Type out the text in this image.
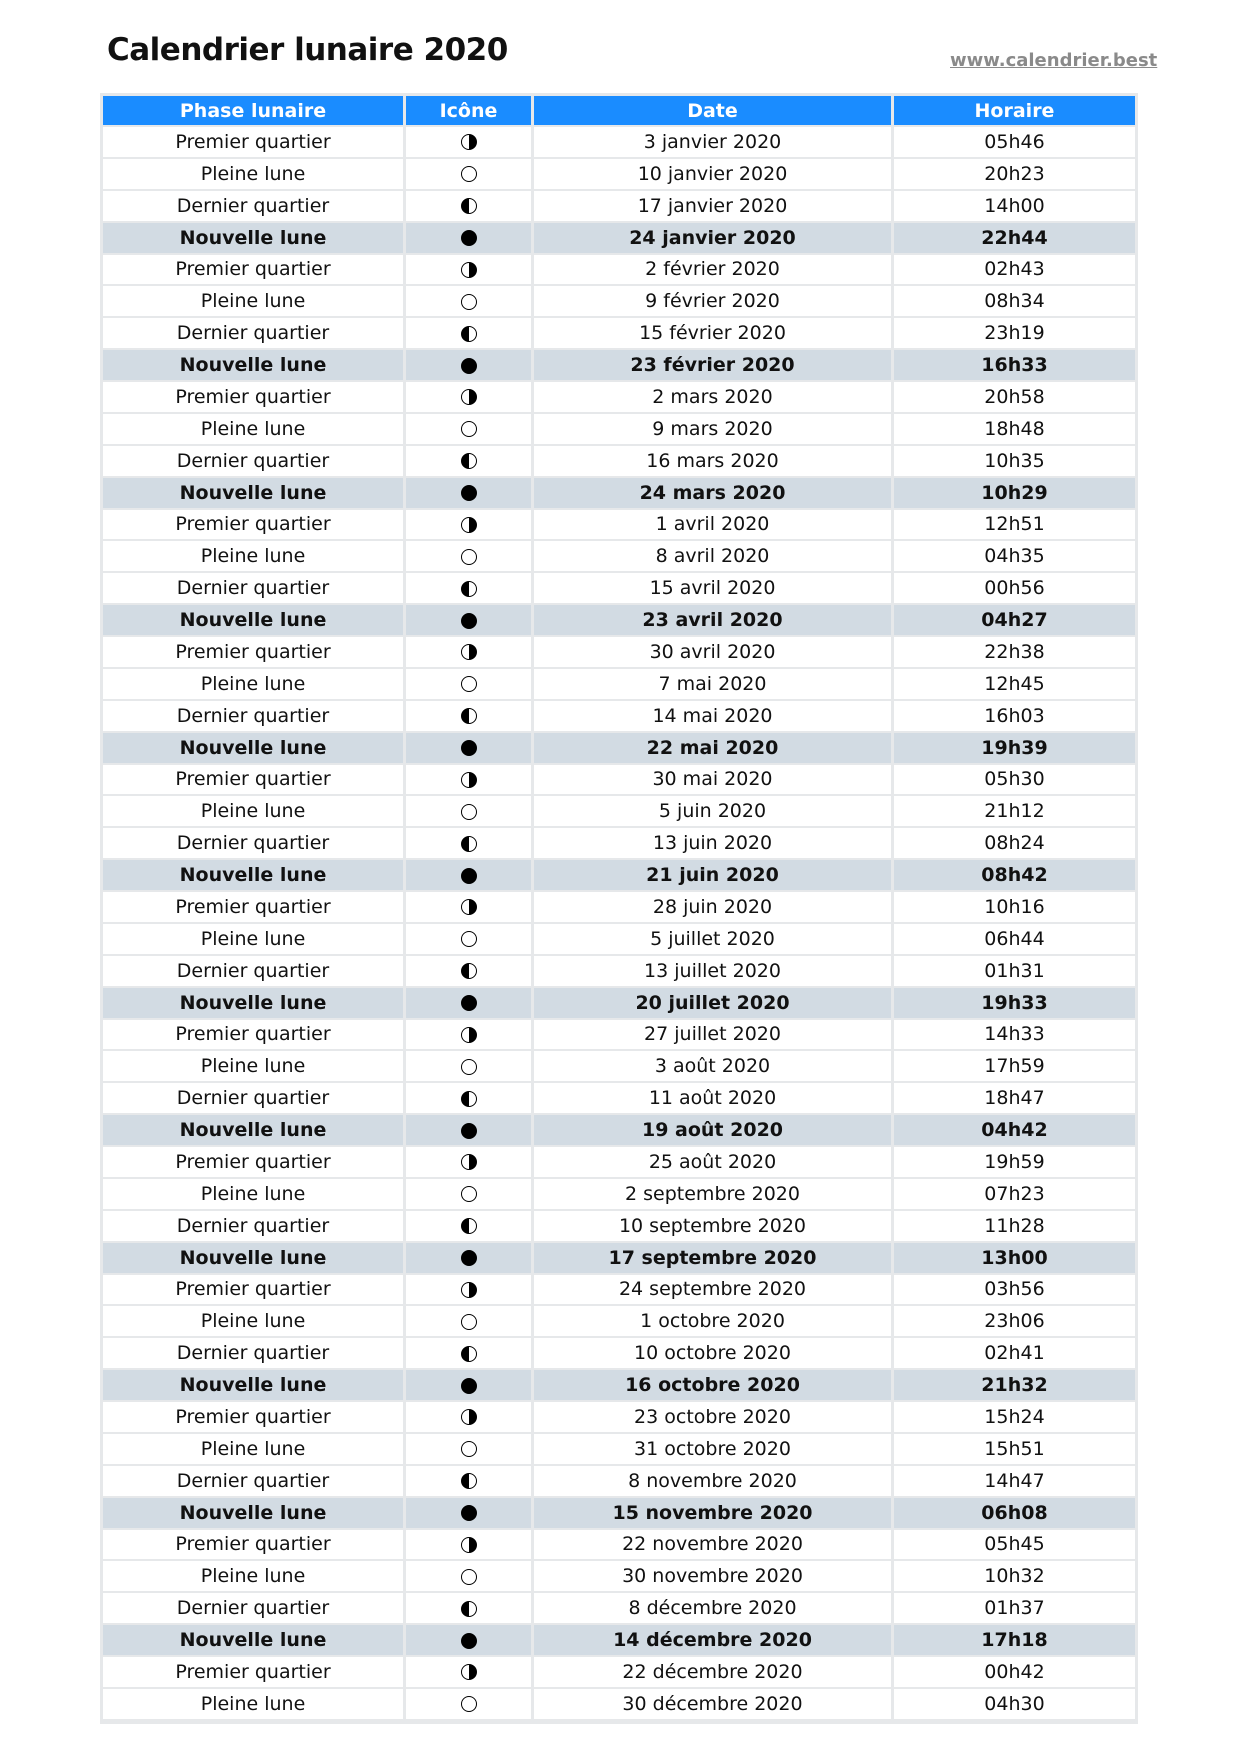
Calendrier lunaire 2020	www.calendrier.best
Phase lunaire	Icône	Date	Horaire
Premier quartier		3 janvier 2020	05h46
Pleine lune		10 janvier 2020	20h23
Dernier quartier		17 janvier 2020	14h00
Nouvelle lune		24 janvier 2020	22h44
Premier quartier		2 février 2020	02h43
Pleine lune		9 février 2020	08h34
Dernier quartier		15 février 2020	23h19
Nouvelle lune		23 février 2020	16h33
Premier quartier		2 mars 2020	20h58
Pleine lune		9 mars 2020	18h48
Dernier quartier		16 mars 2020	10h35
Nouvelle lune		24 mars 2020	10h29
Premier quartier		1 avril 2020	12h51
Pleine lune		8 avril 2020	04h35
Dernier quartier		15 avril 2020	00h56
Nouvelle lune		23 avril 2020	04h27
Premier quartier		30 avril 2020	22h38
Pleine lune		7 mai 2020	12h45
Dernier quartier		14 mai 2020	16h03
Nouvelle lune		22 mai 2020	19h39
Premier quartier		30 mai 2020	05h30
Pleine lune		5 juin 2020	21h12
Dernier quartier		13 juin 2020	08h24
Nouvelle lune		21 juin 2020	08h42
Premier quartier		28 juin 2020	10h16
Pleine lune		5 juillet 2020	06h44
Dernier quartier		13 juillet 2020	01h31
Nouvelle lune		20 juillet 2020	19h33
Premier quartier		27 juillet 2020	14h33
Pleine lune		3 août 2020	17h59
Dernier quartier		11 août 2020	18h47
Nouvelle lune		19 août 2020	04h42
Premier quartier		25 août 2020	19h59
Pleine lune		2 septembre 2020	07h23
Dernier quartier		10 septembre 2020	11h28
Nouvelle lune		17 septembre 2020	13h00
Premier quartier		24 septembre 2020	03h56
Pleine lune		1 octobre 2020	23h06
Dernier quartier		10 octobre 2020	02h41
Nouvelle lune		16 octobre 2020	21h32
Premier quartier		23 octobre 2020	15h24
Pleine lune		31 octobre 2020	15h51
Dernier quartier		8 novembre 2020	14h47
Nouvelle lune		15 novembre 2020	06h08
Premier quartier		22 novembre 2020	05h45
Pleine lune		30 novembre 2020	10h32
Dernier quartier		8 décembre 2020	01h37
Nouvelle lune		14 décembre 2020	17h18
Premier quartier		22 décembre 2020	00h42
Pleine lune		30 décembre 2020	04h30
